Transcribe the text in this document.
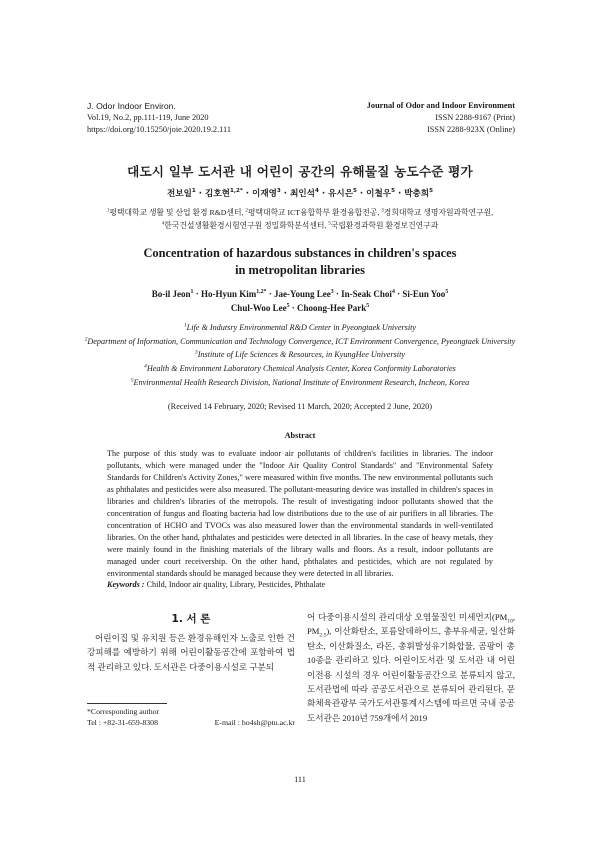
J. Odor Indoor Environ.
Vol.19, No.2, pp.111-119, June 2020
https://doi.org/10.15250/joie.2020.19.2.111
Journal of Odor and Indoor Environment
ISSN 2288-9167 (Print)
ISSN 2288-923X (Online)
대도시 일부 도서관 내 어린이 공간의 유해물질 농도수준 평가
전보일$^1$ · 김호현$^{1,2*}$ · 이재영$^3$ · 최인석$^4$ · 유시은$^5$ · 이철우$^5$ · 박충희$^5$
$^1$평택대학교 생활 및 산업 환경 R&D센터, $^2$평택대학교 ICT융합학부 환경융합전공, $^3$경희대학교 생명자원과학연구원,
$^4$한국건설생활환경시험연구원 정밀화학분석센터, $^5$국립환경과학원 환경보건연구과
Concentration of hazardous substances in children's spaces
in metropolitan libraries
Bo-il Jeon$^1$ · Ho-Hyun Kim$^{1,2*}$ · Jae-Young Lee$^3$ · In-Seak Choi$^4$ · Si-Eun Yoo$^5$
Chul-Woo Lee$^5$ · Choong-Hee Park$^5$
$^1$Life & Indutsry Environmental R&D Center in Pyeongtaek University
$^2$Department of Information, Communication and Technology Convergence, ICT Environment Convergence, Pyeongtaek University
$^3$Institute of Life Sciences & Resources, in KyungHee University
$^4$Health & Environment Laboratory Chemical Analysis Center, Korea Conformity Laboratories
$^5$Environmental Health Research Division, National Institute of Environment Research, Incheon, Korea
(Received 14 February, 2020; Revised 11 March, 2020; Accepted 2 June, 2020)
Abstract
The purpose of this study was to evaluate indoor air pollutants of children's facilities in libraries. The indoor pollutants, which were managed under the "Indoor Air Quality Control Standards" and "Environmental Safety Standards for Children's Activity Zones," were measured within five months. The new environmental pollutants such as phthalates and pesticides were also measured. The pollutant-measuring device was installed in children's spaces in libraries and children's libraries of the metropols. The result of investigating indoor pollutants showed that the concentration of fungus and floating bacteria had low distributions due to the use of air purifiers in all libraries. The concentration of HCHO and TVOCs was also measured lower than the environmental standards in well-ventilated libraries. On the other hand, phthalates and pesticides were detected in all libraries. In the case of heavy metals, they were mainly found in the finishing materials of the library walls and floors. As a result, indoor pollutants are managed under court receivership. On the other hand, phthalates and pesticides, which are not regulated by environmental standards should be managed because they were detected in all libraries.
Keywords : Child, Indoor air quality, Library, Pesticides, Phthalate
1. 서 론
어린이집 및 유치원 등은 환경유해인자 노출로 인한 건강피해를 예방하기 위해 어린이활동공간에 포함하여 법적 관리하고 있다. 도서관은 다중이용시설로 구분되
어 다중이용시설의 관리대상 오염물질인 미세먼지($PM_{10}$, $PM_{2.5}$), 이산화탄소, 포름알데하이드, 총부유세균, 일산화탄소, 이산화질소, 라돈, 총휘발성유기화합물, 곰팡이 총 10종을 관리하고 있다. 어린이도서관 및 도서관 내 어린이전용 시설의 경우 어린이활동공간으로 분류되지 않고, 도서관법에 따라 공공도서관으로 분류되어 관리된다. 문화체육관광부 국가도서관통계시스템에 따르면 국내 공공도서관은 2010년 759개에서 2019
*Corresponding author
Tel : +82-31-659-8308	E-mail : ho4sh@ptu.ac.kr
111
